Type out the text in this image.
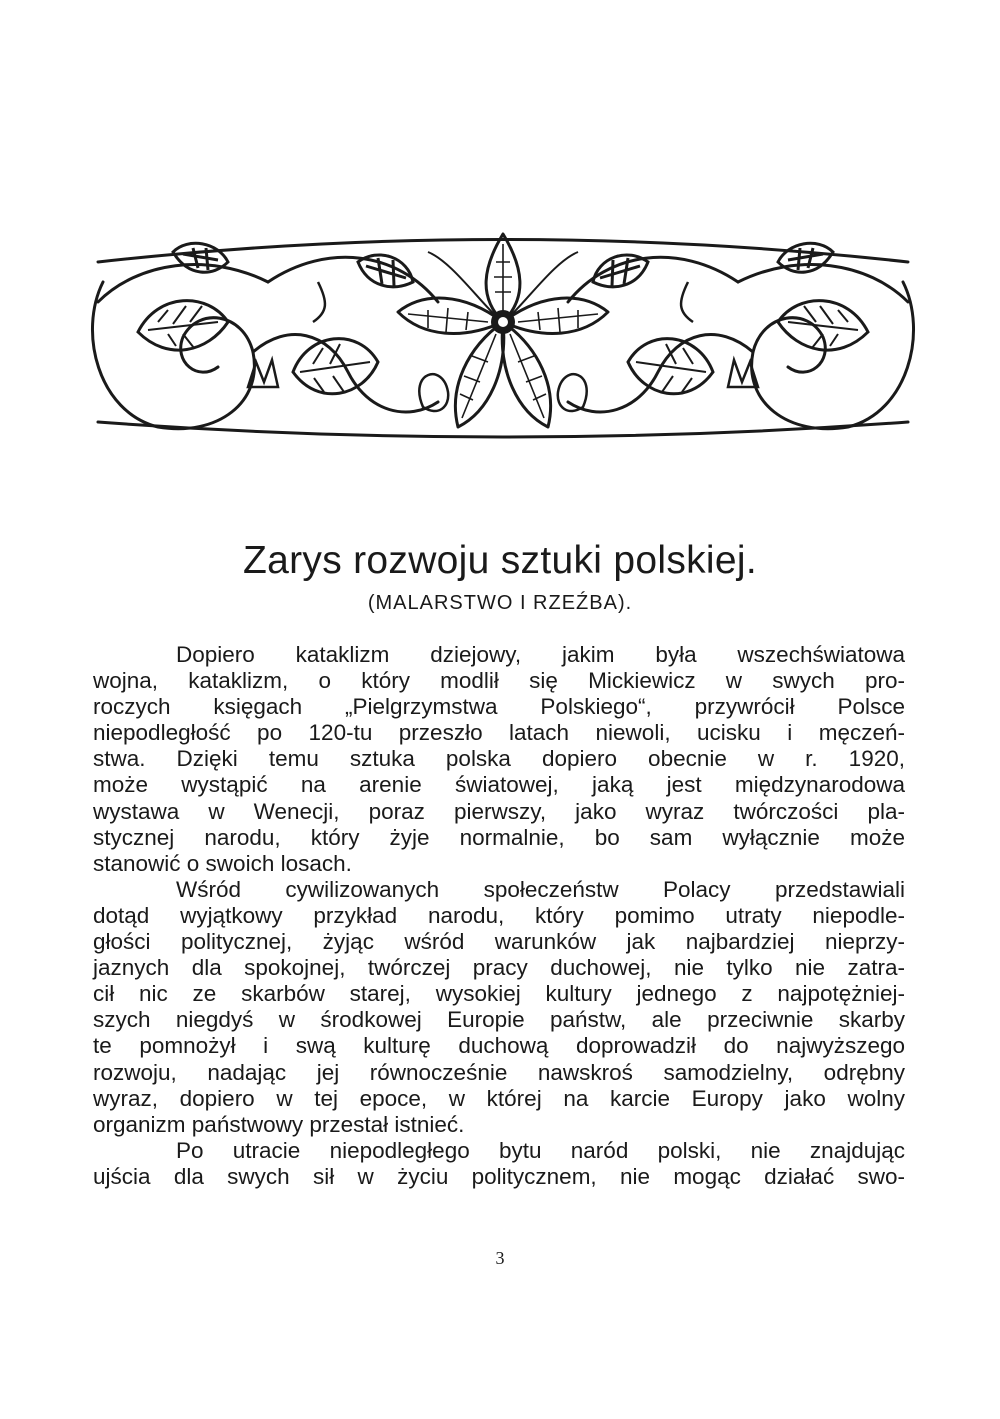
Zarys rozwoju sztuki polskiej.
(MALARSTWO I RZEŹBA).
Dopiero kataklizm dziejowy, jakim była wszechświatowa
wojna, kataklizm, o który modlił się Mickiewicz w swych pro-
roczych księgach „Pielgrzymstwa Polskiego“, przywrócił Polsce
niepodległość po 120-tu przeszło latach niewoli, ucisku i męczeń-
stwa. Dzięki temu sztuka polska dopiero obecnie w r. 1920,
może wystąpić na arenie światowej, jaką jest międzynarodowa
wystawa w Wenecji, poraz pierwszy, jako wyraz twórczości pla-
stycznej narodu, który żyje normalnie, bo sam wyłącznie może
stanowić o swoich losach.
Wśród cywilizowanych społeczeństw Polacy przedstawiali
dotąd wyjątkowy przykład narodu, który pomimo utraty niepodle-
głości politycznej, żyjąc wśród warunków jak najbardziej nieprzy-
jaznych dla spokojnej, twórczej pracy duchowej, nie tylko nie zatra-
cił nic ze skarbów starej, wysokiej kultury jednego z najpotężniej-
szych niegdyś w środkowej Europie państw, ale przeciwnie skarby
te pomnożył i swą kulturę duchową doprowadził do najwyższego
rozwoju, nadając jej równocześnie nawskroś samodzielny, odrębny
wyraz, dopiero w tej epoce, w której na karcie Europy jako wolny
organizm państwowy przestał istnieć.
Po utracie niepodległego bytu naród polski, nie znajdując
ujścia dla swych sił w życiu politycznem, nie mogąc działać swo-
3
